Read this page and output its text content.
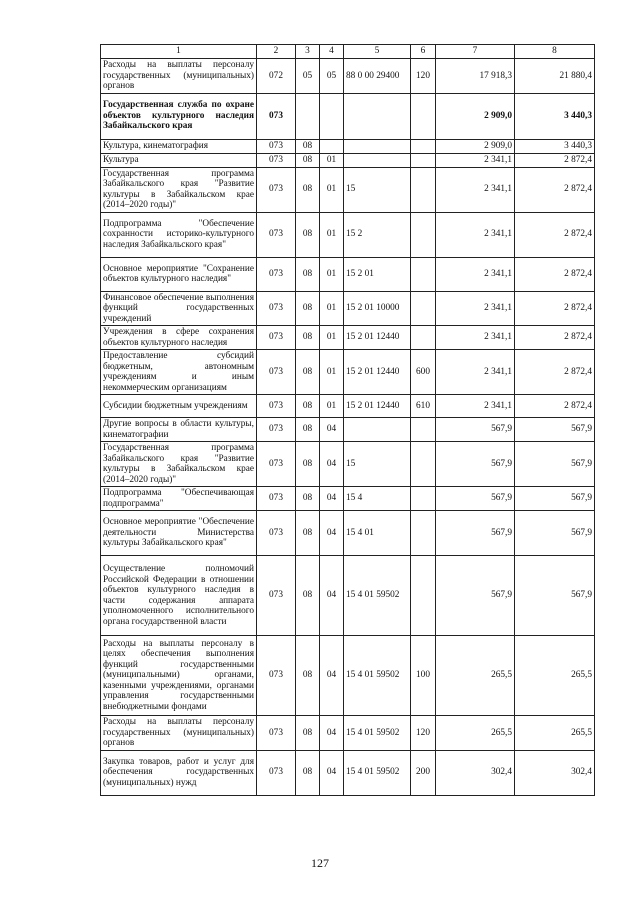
1	2	3	4	5	6	7	8
Расходы на выплаты персоналу государственных (муниципальных) органов	072	05	05	88 0 00 29400	120	17 918,3	21 880,4
Государственная служба по охране объектов культурного наследия Забайкальского края	073					2 909,0	3 440,3
Культура, кинематография	073	08				2 909,0	3 440,3
Культура	073	08	01			2 341,1	2 872,4
Государственная программа Забайкальского края "Развитие культуры в Забайкальском крае (2014–2020 годы)"	073	08	01	15		2 341,1	2 872,4
Подпрограмма "Обеспечение сохранности историко-культурного наследия Забайкальского края"	073	08	01	15 2		2 341,1	2 872,4
Основное мероприятие "Сохранение объектов культурного наследия"	073	08	01	15 2 01		2 341,1	2 872,4
Финансовое обеспечение выполнения функций государственных учреждений	073	08	01	15 2 01 10000		2 341,1	2 872,4
Учреждения в сфере сохранения объектов культурного наследия	073	08	01	15 2 01 12440		2 341,1	2 872,4
Предоставление субсидий бюджетным, автономным учреждениям и иным некоммерческим организациям	073	08	01	15 2 01 12440	600	2 341,1	2 872,4
Субсидии бюджетным учреждениям	073	08	01	15 2 01 12440	610	2 341,1	2 872,4
Другие вопросы в области культуры, кинематографии	073	08	04			567,9	567,9
Государственная программа Забайкальского края "Развитие культуры в Забайкальском крае (2014–2020 годы)"	073	08	04	15		567,9	567,9
Подпрограмма "Обеспечивающая подпрограмма"	073	08	04	15 4		567,9	567,9
Основное мероприятие "Обеспечение деятельности Министерства культуры Забайкальского края"	073	08	04	15 4 01		567,9	567,9
Осуществление полномочий Российской Федерации в отношении объектов культурного наследия в части содержания аппарата уполномоченного исполнительного органа государственной власти	073	08	04	15 4 01 59502		567,9	567,9
Расходы на выплаты персоналу в целях обеспечения выполнения функций государственными (муниципальными) органами, казенными учреждениями, органами управления государственными внебюджетными фондами	073	08	04	15 4 01 59502	100	265,5	265,5
Расходы на выплаты персоналу государственных (муниципальных) органов	073	08	04	15 4 01 59502	120	265,5	265,5
Закупка товаров, работ и услуг для обеспечения государственных (муниципальных) нужд	073	08	04	15 4 01 59502	200	302,4	302,4
127
